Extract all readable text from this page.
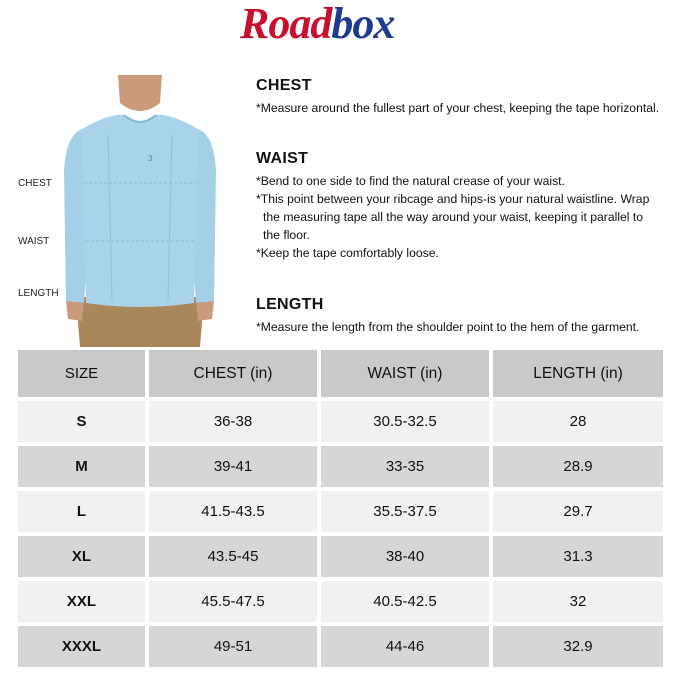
Roadbox
3
CHEST
WAIST
LENGTH
CHEST

*Measure around the fullest part of your chest, keeping the tape horizontal.

WAIST

*Bend to one side to find the natural crease of your waist.

*This point between your ribcage and hips-is your natural waistline. Wrap

the measuring tape all the way around your waist, keeping it parallel to

the floor.

*Keep the tape comfortably loose.

LENGTH

*Measure the length from the shoulder point to the hem of the garment.

SIZE	CHEST (in)	WAIST (in)	LENGTH (in)
S	36-38	30.5-32.5	28
M	39-41	33-35	28.9
L	41.5-43.5	35.5-37.5	29.7
XL	43.5-45	38-40	31.3
XXL	45.5-47.5	40.5-42.5	32
XXXL	49-51	44-46	32.9
